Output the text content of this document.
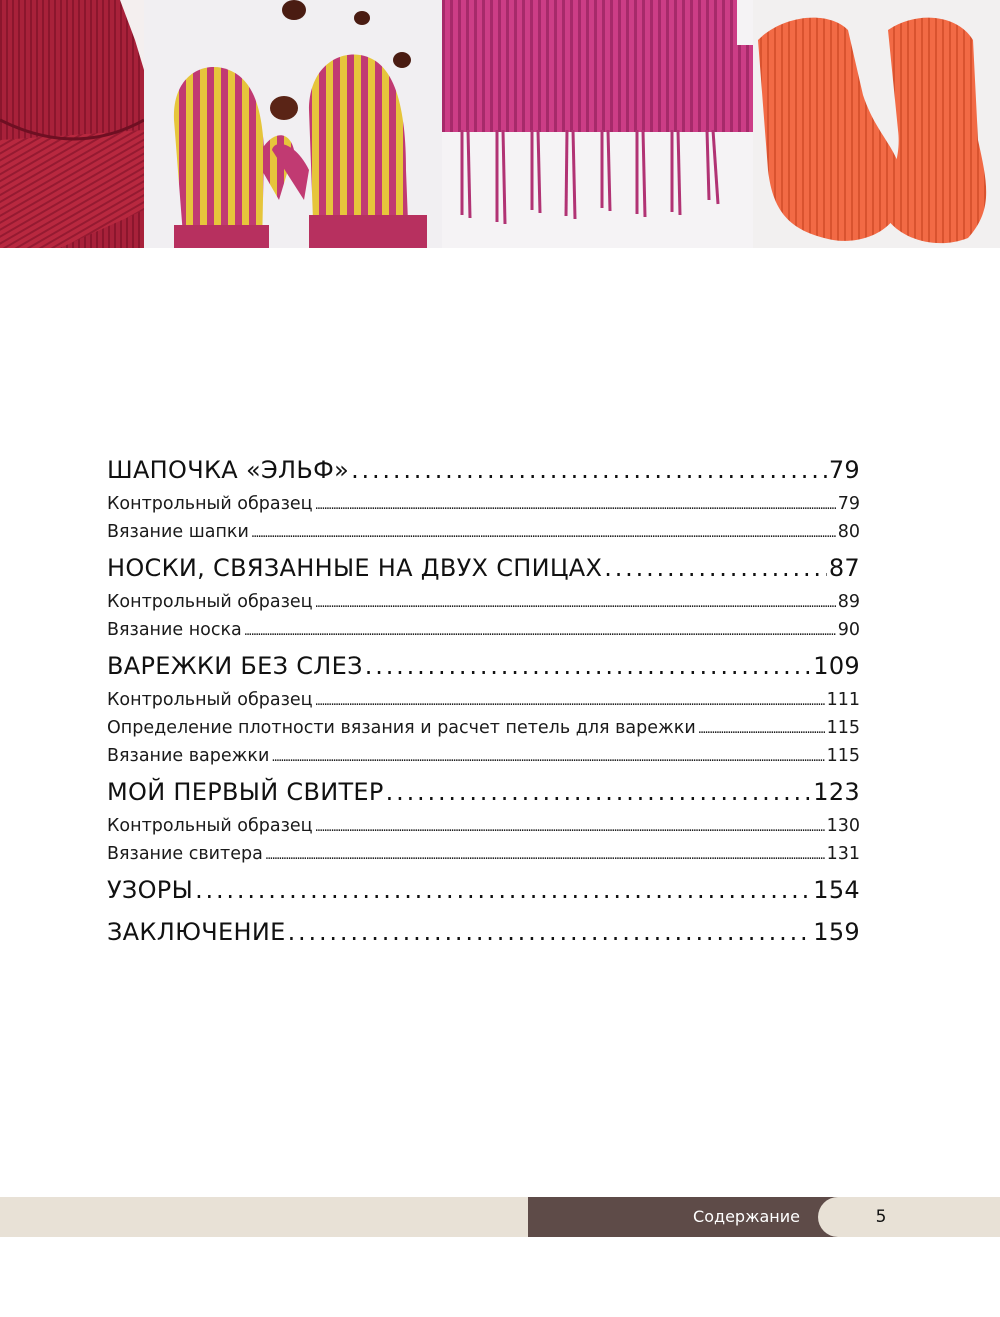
ШАПОЧКА «ЭЛЬФ» . . .	79
Контрольный образец . . .	79
Вязание шапки . . .	80
НОСКИ, СВЯЗАННЫЕ НА ДВУХ СПИЦАХ . . .	87
Контрольный образец . . .	89
Вязание носка . . .	90
ВАРЕЖКИ БЕЗ СЛЕЗ . . .	109
Контрольный образец . . .	111
Определение плотности вязания и расчет петель для варежки . . .	115
Вязание варежки . . .	115
МОЙ ПЕРВЫЙ СВИТЕР . . .	123
Контрольный образец . . .	130
Вязание свитера . . .	131
УЗОРЫ . . .	154
ЗАКЛЮЧЕНИЕ . . .	159
Содержание	5
